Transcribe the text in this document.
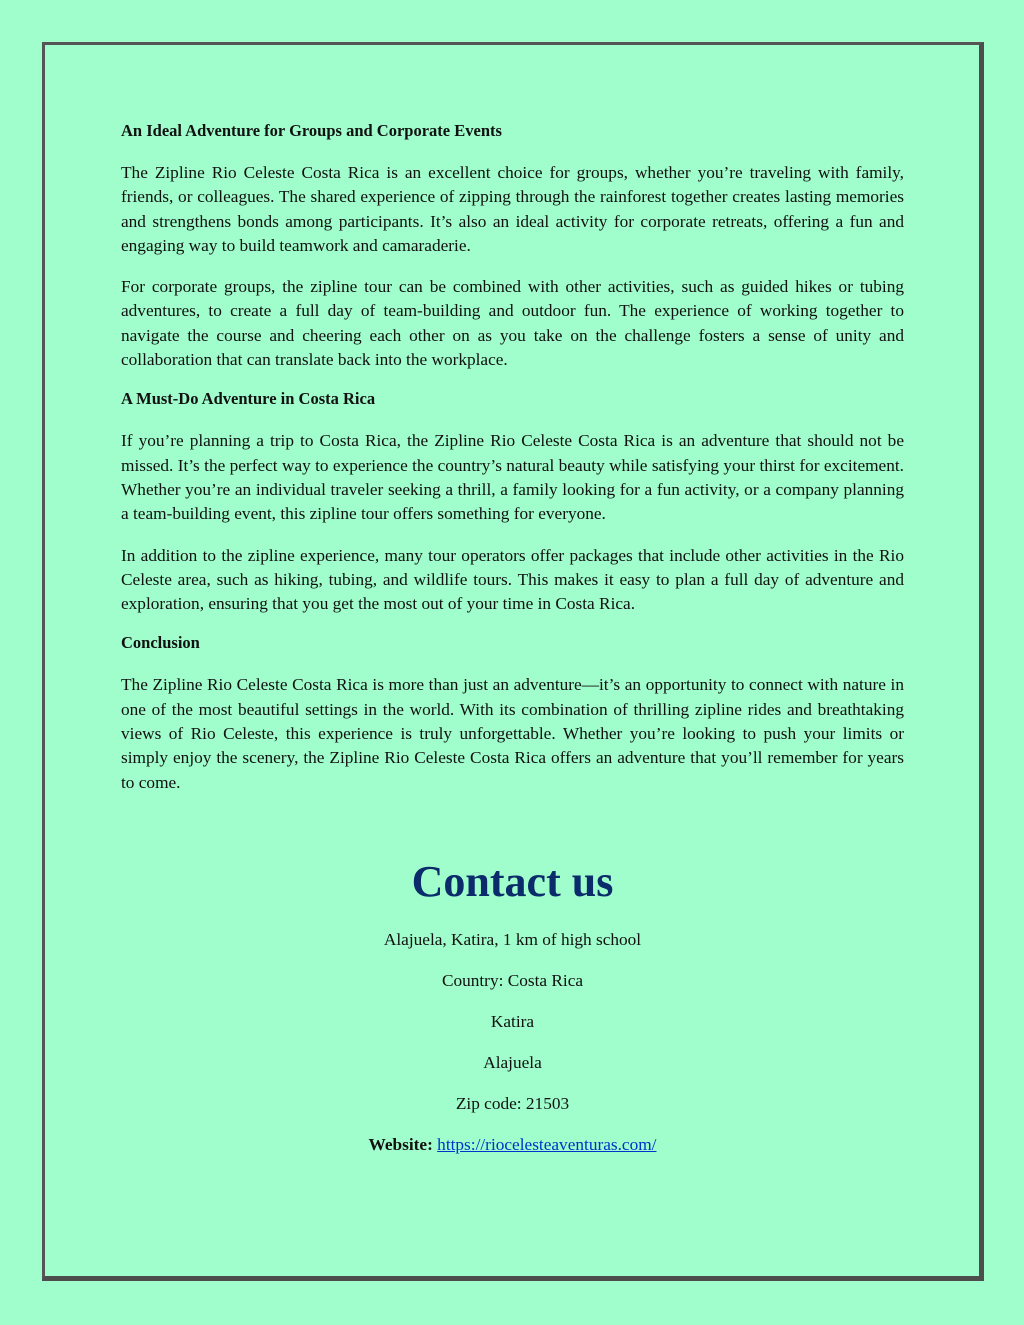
An Ideal Adventure for Groups and Corporate Events

The Zipline Rio Celeste Costa Rica is an excellent choice for groups, whether you’re traveling with family, friends, or colleagues. The shared experience of zipping through the rainforest together creates lasting memories and strengthens bonds among participants. It’s also an ideal activity for corporate retreats, offering a fun and engaging way to build teamwork and camaraderie.

For corporate groups, the zipline tour can be combined with other activities, such as guided hikes or tubing adventures, to create a full day of team-building and outdoor fun. The experience of working together to navigate the course and cheering each other on as you take on the challenge fosters a sense of unity and collaboration that can translate back into the workplace.

A Must-Do Adventure in Costa Rica

If you’re planning a trip to Costa Rica, the Zipline Rio Celeste Costa Rica is an adventure that should not be missed. It’s the perfect way to experience the country’s natural beauty while satisfying your thirst for excitement. Whether you’re an individual traveler seeking a thrill, a family looking for a fun activity, or a company planning a team-building event, this zipline tour offers something for everyone.

In addition to the zipline experience, many tour operators offer packages that include other activities in the Rio Celeste area, such as hiking, tubing, and wildlife tours. This makes it easy to plan a full day of adventure and exploration, ensuring that you get the most out of your time in Costa Rica.

Conclusion

The Zipline Rio Celeste Costa Rica is more than just an adventure—it’s an opportunity to connect with nature in one of the most beautiful settings in the world. With its combination of thrilling zipline rides and breathtaking views of Rio Celeste, this experience is truly unforgettable. Whether you’re looking to push your limits or simply enjoy the scenery, the Zipline Rio Celeste Costa Rica offers an adventure that you’ll remember for years to come.

Contact us
Alajuela, Katira, 1 km of high school
Country: Costa Rica
Katira
Alajuela
Zip code: 21503
Website: https://riocelesteaventuras.com/
